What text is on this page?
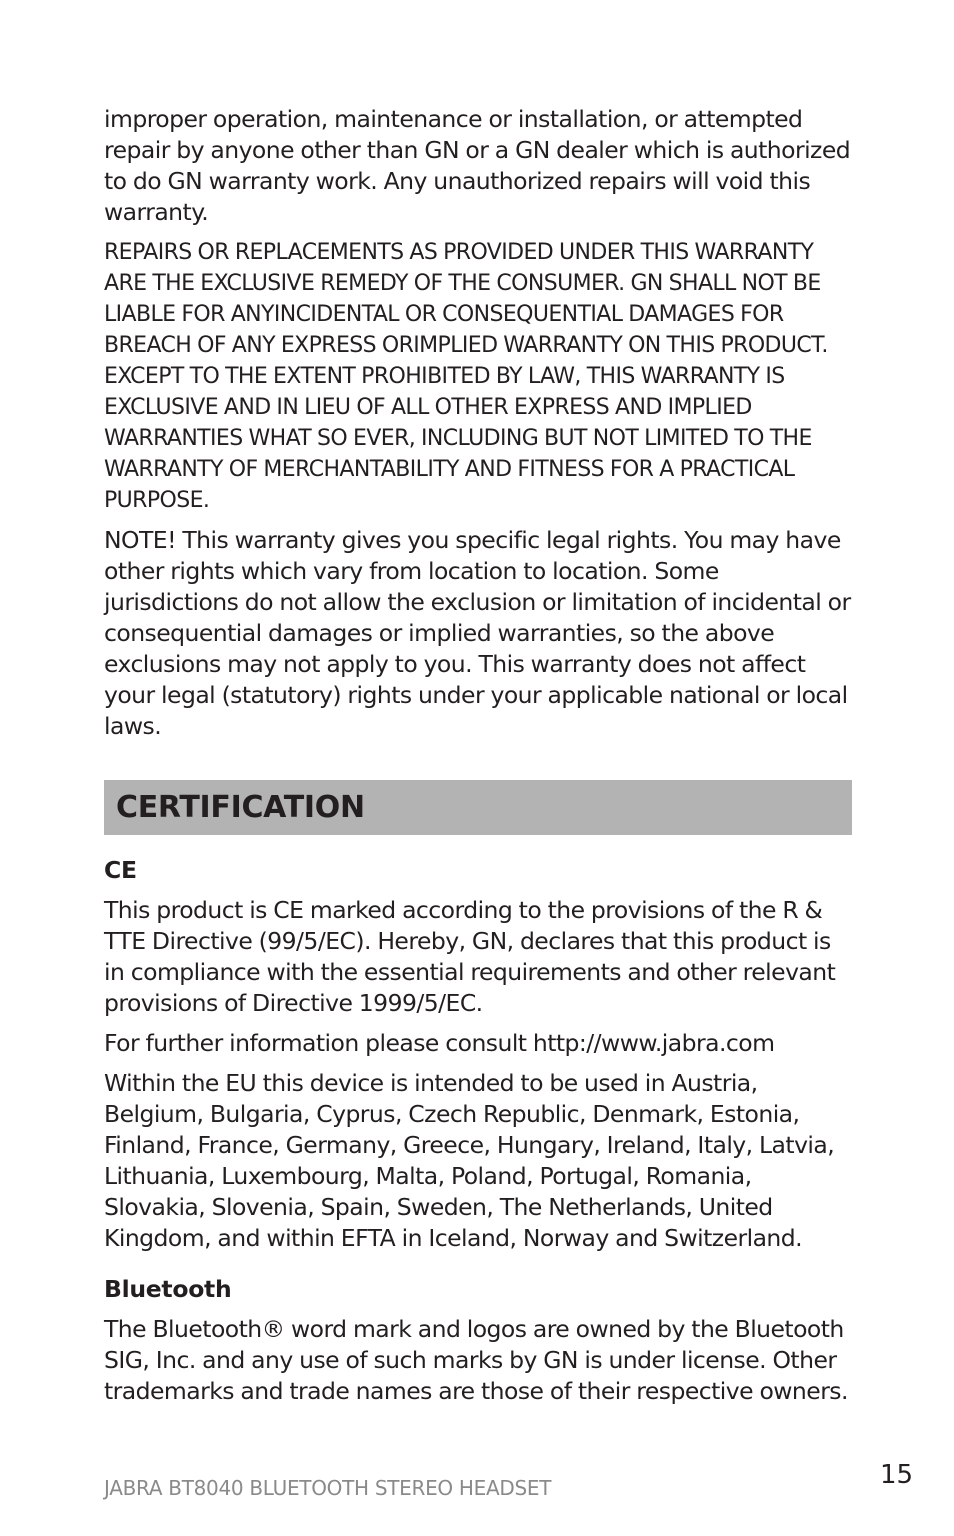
improper operation, maintenance or installation, or attempted repair by anyone other than GN or a GN dealer which is authorized to do GN warranty work. Any unauthorized repairs will void this warranty.

REPAIRS OR REPLACEMENTS AS PROVIDED UNDER THIS WARRANTY ARE THE EXCLUSIVE REMEDY OF THE CONSUMER. GN SHALL NOT BE LIABLE FOR ANYINCIDENTAL OR CONSEQUENTIAL DAMAGES FOR BREACH OF ANY EXPRESS ORIMPLIED WARRANTY ON THIS PRODUCT. EXCEPT TO THE EXTENT PROHIBITED BY LAW, THIS WARRANTY IS EXCLUSIVE AND IN LIEU OF ALL OTHER EXPRESS AND IMPLIED WARRANTIES WHAT SO EVER, INCLUDING BUT NOT LIMITED TO THE WARRANTY OF MERCHANTABILITY AND FITNESS FOR A PRACTICAL PURPOSE.

NOTE! This warranty gives you specific legal rights. You may have other rights which vary from location to location. Some jurisdictions do not allow the exclusion or limitation of incidental or consequential damages or implied warranties, so the above exclusions may not apply to you. This warranty does not affect your legal (statutory) rights under your applicable national or local laws.

CERTIFICATION
CE

This product is CE marked according to the provisions of the R & TTE Directive (99/5/EC). Hereby, GN, declares that this product is in compliance with the essential requirements and other relevant provisions of Directive 1999/5/EC.

For further information please consult http://www.jabra.com

Within the EU this device is intended to be used in Austria, Belgium, Bulgaria, Cyprus, Czech Republic, Denmark, Estonia, Finland, France, Germany, Greece, Hungary, Ireland, Italy, Latvia, Lithuania, Luxembourg, Malta, Poland, Portugal, Romania, Slovakia, Slovenia, Spain, Sweden, The Netherlands, United Kingdom, and within EFTA in Iceland, Norway and Switzerland.

Bluetooth

The Bluetooth® word mark and logos are owned by the Bluetooth SIG, Inc. and any use of such marks by GN is under license. Other trademarks and trade names are those of their respective owners.

JABRA BT8040 BLUETOOTH STEREO HEADSET	15
